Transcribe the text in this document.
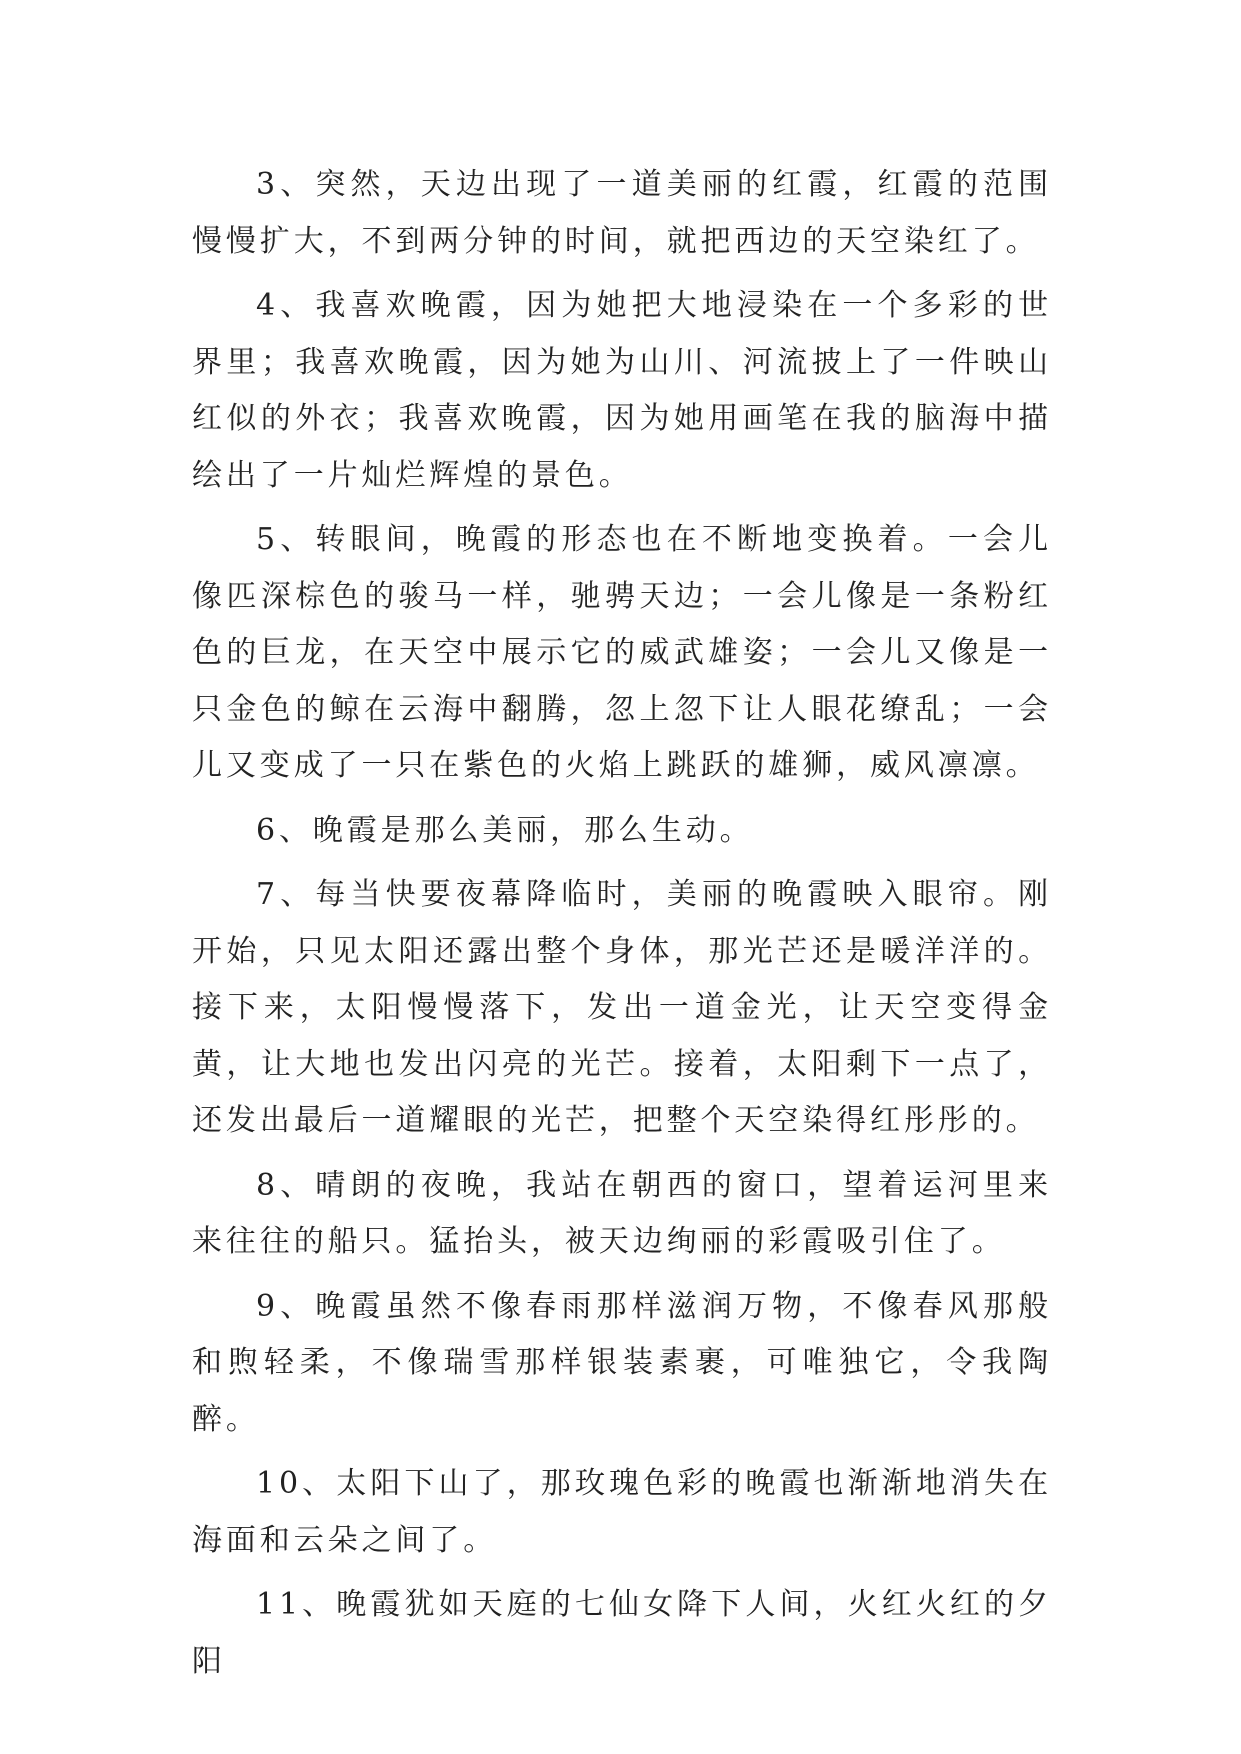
3、突然，天边出现了一道美丽的红霞，红霞的范围慢慢扩大，不到两分钟的时间，就把西边的天空染红了。

4、我喜欢晚霞，因为她把大地浸染在一个多彩的世界里；我喜欢晚霞，因为她为山川、河流披上了一件映山红似的外衣；我喜欢晚霞，因为她用画笔在我的脑海中描绘出了一片灿烂辉煌的景色。

5、转眼间，晚霞的形态也在不断地变换着。一会儿像匹深棕色的骏马一样，驰骋天边；一会儿像是一条粉红色的巨龙，在天空中展示它的威武雄姿；一会儿又像是一只金色的鲸在云海中翻腾，忽上忽下让人眼花缭乱；一会儿又变成了一只在紫色的火焰上跳跃的雄狮，威风凛凛。

6、晚霞是那么美丽，那么生动。

7、每当快要夜幕降临时，美丽的晚霞映入眼帘。刚开始，只见太阳还露出整个身体，那光芒还是暖洋洋的。接下来，太阳慢慢落下，发出一道金光，让天空变得金黄，让大地也发出闪亮的光芒。接着，太阳剩下一点了，还发出最后一道耀眼的光芒，把整个天空染得红彤彤的。

8、晴朗的夜晚，我站在朝西的窗口，望着运河里来来往往的船只。猛抬头，被天边绚丽的彩霞吸引住了。

9、晚霞虽然不像春雨那样滋润万物，不像春风那般和煦轻柔，不像瑞雪那样银装素裹，可唯独它，令我陶醉。

10、太阳下山了，那玫瑰色彩的晚霞也渐渐地消失在海面和云朵之间了。

11、晚霞犹如天庭的七仙女降下人间，火红火红的夕阳
